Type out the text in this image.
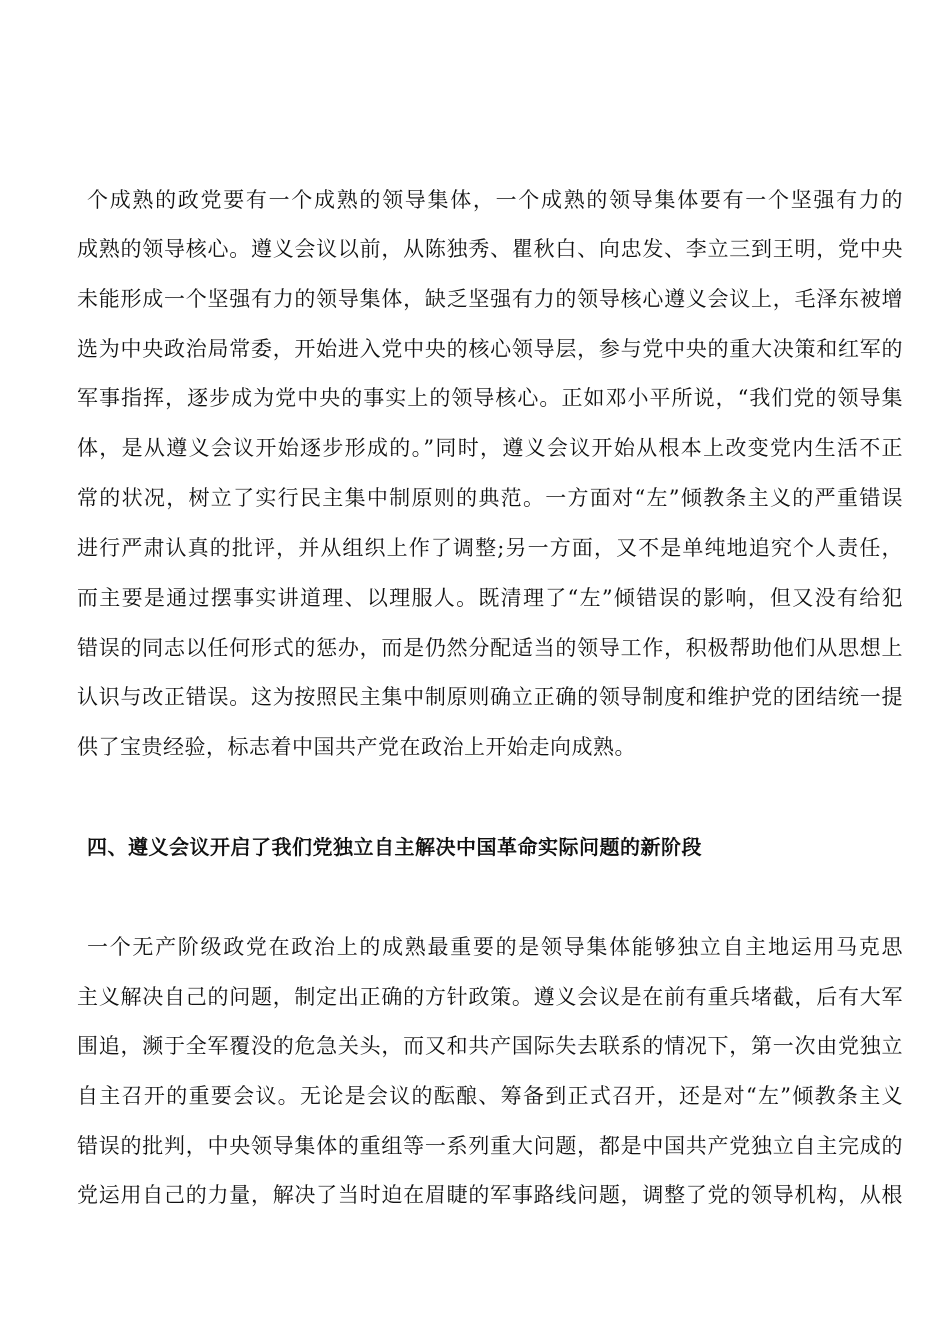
个成熟的政党要有一个成熟的领导集体，一个成熟的领导集体要有一个坚强有力的
成熟的领导核心。遵义会议以前，从陈独秀、瞿秋白、向忠发、李立三到王明，党中央
未能形成一个坚强有力的领导集体，缺乏坚强有力的领导核心遵义会议上，毛泽东被增
选为中央政治局常委，开始进入党中央的核心领导层，参与党中央的重大决策和红军的
军事指挥，逐步成为党中央的事实上的领导核心。正如邓小平所说，“我们党的领导集
体，是从遵义会议开始逐步形成的。”同时，遵义会议开始从根本上改变党内生活不正
常的状况，树立了实行民主集中制原则的典范。一方面对“左”倾教条主义的严重错误
进行严肃认真的批评，并从组织上作了调整;另一方面，又不是单纯地追究个人责任，
而主要是通过摆事实讲道理、以理服人。既清理了“左”倾错误的影响，但又没有给犯
错误的同志以任何形式的惩办，而是仍然分配适当的领导工作，积极帮助他们从思想上
认识与改正错误。这为按照民主集中制原则确立正确的领导制度和维护党的团结统一提
供了宝贵经验，标志着中国共产党在政治上开始走向成熟。
四、遵义会议开启了我们党独立自主解决中国革命实际问题的新阶段
一个无产阶级政党在政治上的成熟最重要的是领导集体能够独立自主地运用马克思
主义解决自己的问题，制定出正确的方针政策。遵义会议是在前有重兵堵截，后有大军
围追，濒于全军覆没的危急关头，而又和共产国际失去联系的情况下，第一次由党独立
自主召开的重要会议。无论是会议的酝酿、筹备到正式召开，还是对“左”倾教条主义
错误的批判，中央领导集体的重组等一系列重大问题，都是中国共产党独立自主完成的
党运用自己的力量，解决了当时迫在眉睫的军事路线问题，调整了党的领导机构，从根
